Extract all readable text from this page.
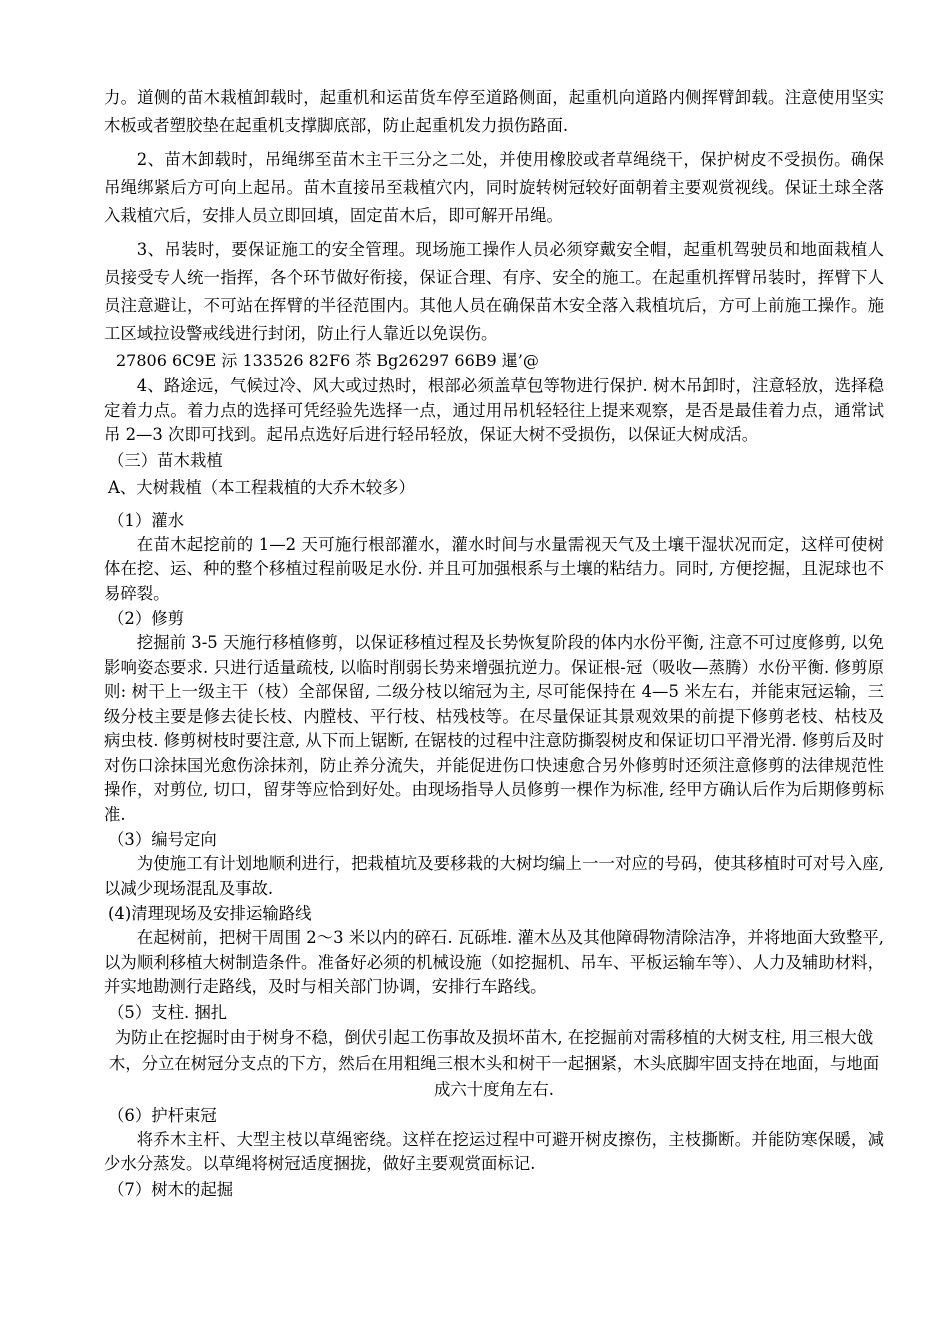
力。道侧的苗木栽植卸载时，起重机和运苗货车停至道路侧面，起重机向道路内侧挥臂卸载。注意使用坚实木板或者塑胶垫在起重机支撑脚底部，防止起重机发力损伤路面.

2、苗木卸载时，吊绳绑至苗木主干三分之二处，并使用橡胶或者草绳绕干，保护树皮不受损伤。确保吊绳绑紧后方可向上起吊。苗木直接吊至栽植穴内，同时旋转树冠较好面朝着主要观赏视线。保证土球全落入栽植穴后，安排人员立即回填，固定苗木后，即可解开吊绳。

3、吊装时，要保证施工的安全管理。现场施工操作人员必须穿戴安全帽，起重机驾驶员和地面栽植人员接受专人统一指挥，各个环节做好衔接，保证合理、有序、安全的施工。在起重机挥臂吊装时，挥臂下人员注意避让，不可站在挥臂的半径范围内。其他人员在确保苗木安全落入栽植坑后，方可上前施工操作。施工区域拉设警戒线进行封闭，防止行人靠近以免误伤。

27806 6C9E 沶 133526 82F6 苶 Bg26297 66B9 暹’@

4、路途远，气候过冷、风大或过热时，根部必须盖草包等物进行保护. 树木吊卸时，注意轻放，选择稳定着力点。着力点的选择可凭经验先选择一点，通过用吊机轻轻往上提来观察，是否是最佳着力点，通常试吊 2—3 次即可找到。起吊点选好后进行轻吊轻放，保证大树不受损伤，以保证大树成活。

（三）苗木栽植

A、大树栽植（本工程栽植的大乔木较多）

（1）灌水

在苗木起挖前的 1—2 天可施行根部灌水，灌水时间与水量需视天气及土壤干湿状况而定，这样可使树体在挖、运、种的整个移植过程前吸足水份. 并且可加强根系与土壤的粘结力。同时, 方便挖掘，且泥球也不易碎裂。

（2）修剪

挖掘前 3-5 天施行移植修剪，以保证移植过程及长势恢复阶段的体内水份平衡, 注意不可过度修剪, 以免影响姿态要求. 只进行适量疏枝, 以临时削弱长势来增强抗逆力。保证根-冠（吸收—蒸腾）水份平衡. 修剪原则: 树干上一级主干（枝）全部保留, 二级分枝以缩冠为主, 尽可能保持在 4—5 米左右，并能束冠运输，三级分枝主要是修去徒长枝、内膛枝、平行枝、枯残枝等。在尽量保证其景观效果的前提下修剪老枝、枯枝及病虫枝. 修剪树枝时要注意, 从下而上锯断, 在锯枝的过程中注意防撕裂树皮和保证切口平滑光滑. 修剪后及时对伤口涂抹国光愈伤涂抹剂，防止养分流失，并能促进伤口快速愈合另外修剪时还须注意修剪的法律规范性操作，对剪位, 切口，留芽等应恰到好处。由现场指导人员修剪一棵作为标准, 经甲方确认后作为后期修剪标准.

（3）编号定向

为使施工有计划地顺利进行，把栽植坑及要移栽的大树均编上一一对应的号码，使其移植时可对号入座, 以减少现场混乱及事故.

(4)清理现场及安排运输路线

在起树前，把树干周围 2～3 米以内的碎石. 瓦砾堆. 灌木丛及其他障碍物清除洁净，并将地面大致整平, 以为顺利移植大树制造条件。准备好必须的机械设施（如挖掘机、吊车、平板运输车等）、人力及辅助材料，并实地勘测行走路线，及时与相关部门协调，安排行车路线。

（5）支柱. 捆扎

为防止在挖掘时由于树身不稳，倒伏引起工伤事故及损坏苗木, 在挖掘前对需移植的大树支柱, 用三根大戗木，分立在树冠分支点的下方，然后在用粗绳三根木头和树干一起捆紧，木头底脚牢固支持在地面，与地面成六十度角左右.

（6）护杆束冠

将乔木主杆、大型主枝以草绳密绕。这样在挖运过程中可避开树皮擦伤，主枝撕断。并能防寒保暖，减少水分蒸发。以草绳将树冠适度捆拢，做好主要观赏面标记.

（7）树木的起掘
